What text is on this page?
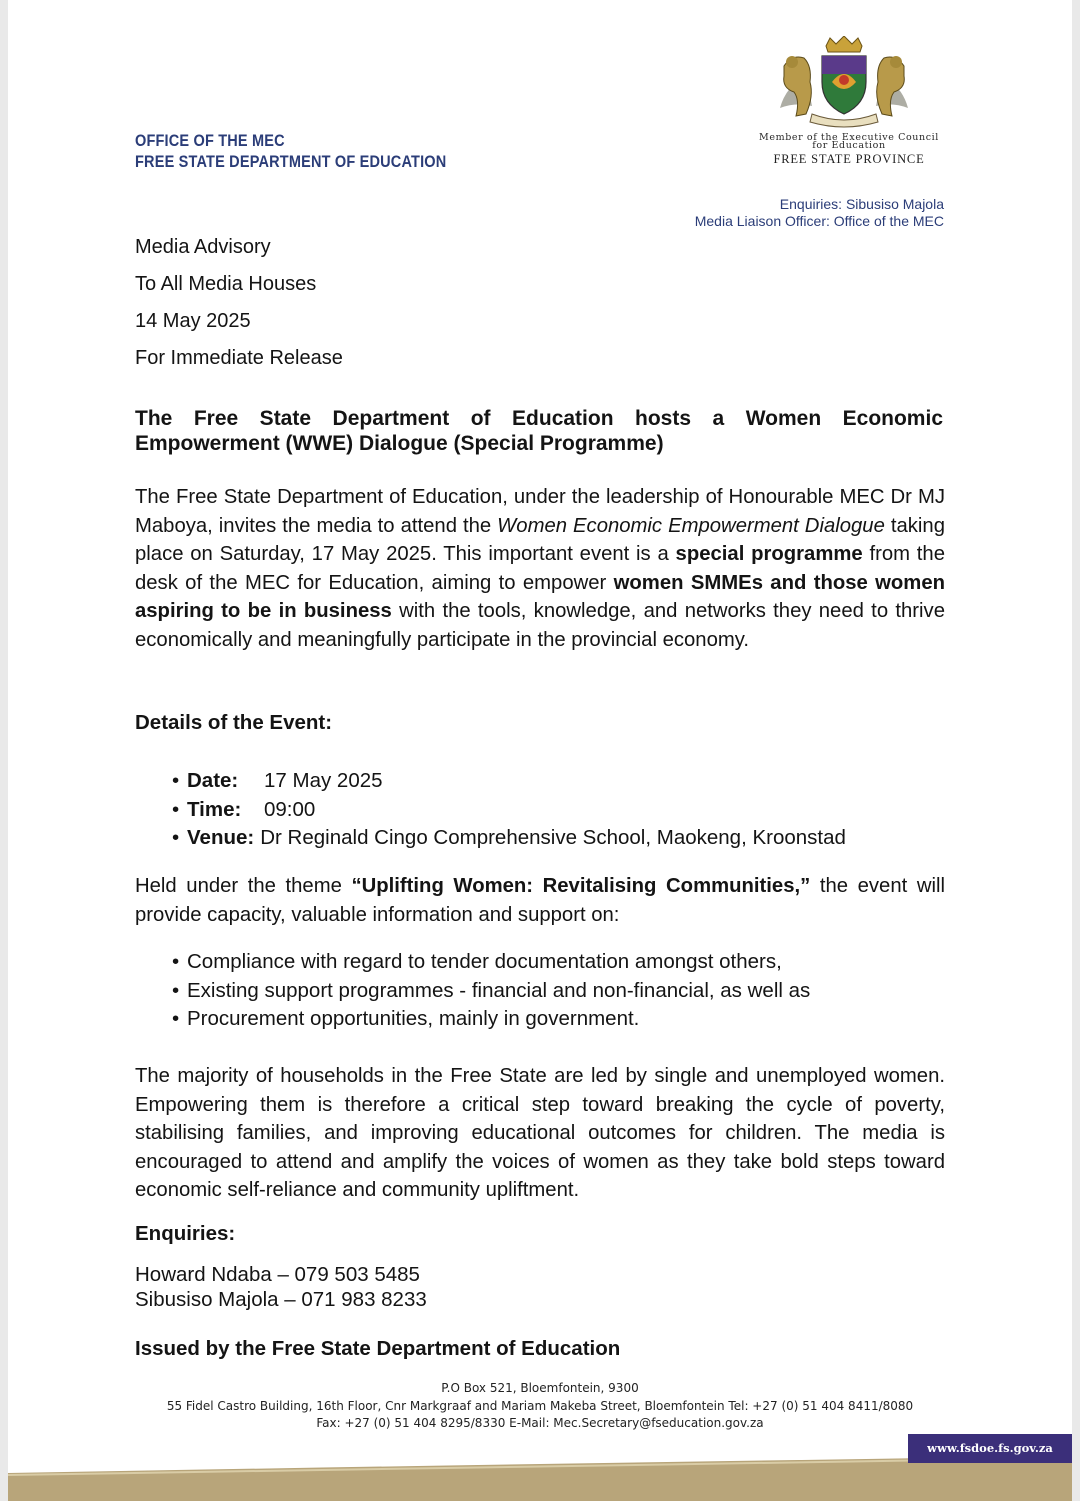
OFFICE OF THE MEC
FREE STATE DEPARTMENT OF EDUCATION
Member of the Executive Council
for Education
FREE STATE PROVINCE
Enquiries: Sibusiso Majola
Media Liaison Officer: Office of the MEC
Media Advisory
To All Media Houses
14 May 2025
For Immediate Release
The Free State Department of Education hosts a Women Economic
Empowerment (WWE) Dialogue (Special Programme)
The Free State Department of Education, under the leadership of Honourable MEC Dr MJ Maboya, invites the media to attend the Women Economic Empowerment Dialogue taking place on Saturday, 17 May 2025. This important event is a special programme from the desk of the MEC for Education, aiming to empower women SMMEs and those women aspiring to be in business with the tools, knowledge, and networks they need to thrive economically and meaningfully participate in the provincial economy.
Details of the Event:
• Date:	17 May 2025
• Time:	09:00
• Venue: Dr Reginald Cingo Comprehensive School, Maokeng, Kroonstad
Held under the theme “Uplifting Women: Revitalising Communities,” the event will provide capacity, valuable information and support on:
• Compliance with regard to tender documentation amongst others,
• Existing support programmes - financial and non-financial, as well as
• Procurement opportunities, mainly in government.
The majority of households in the Free State are led by single and unemployed women. Empowering them is therefore a critical step toward breaking the cycle of poverty, stabilising families, and improving educational outcomes for children. The media is encouraged to attend and amplify the voices of women as they take bold steps toward economic self-reliance and community upliftment.
Enquiries:
Howard Ndaba – 079 503 5485
Sibusiso Majola – 071 983 8233
Issued by the Free State Department of Education
P.O Box 521, Bloemfontein, 9300
55 Fidel Castro Building, 16th Floor, Cnr Markgraaf and Mariam Makeba Street, Bloemfontein Tel: +27 (0) 51 404 8411/8080
Fax: +27 (0) 51 404 8295/8330 E-Mail: Mec.Secretary@fseducation.gov.za
www.fsdoe.fs.gov.za
